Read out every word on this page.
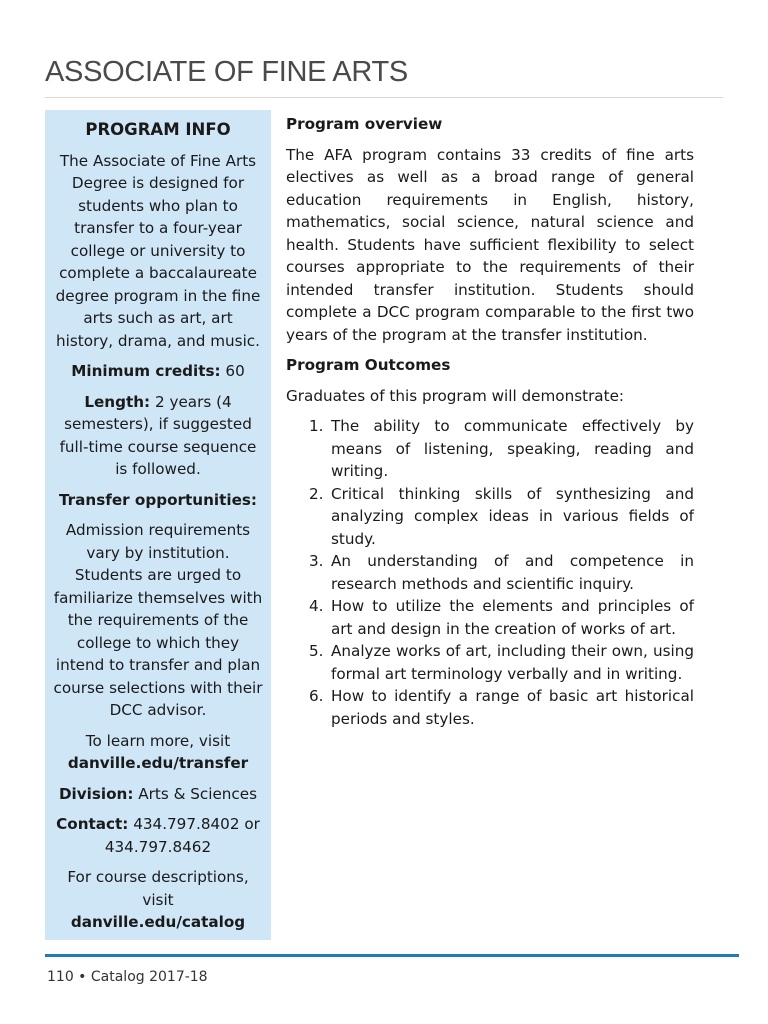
ASSOCIATE OF FINE ARTS
PROGRAM INFO

The Associate of Fine Arts Degree is designed for students who plan to transfer to a four-year college or university to complete a baccalaureate degree program in the fine arts such as art, art history, drama, and music.

Minimum credits: 60

Length: 2 years (4 semesters), if suggested full-time course sequence is followed.

Transfer opportunities:

Admission requirements vary by institution. Students are urged to familiarize themselves with the requirements of the college to which they intend to transfer and plan course selections with their DCC advisor.

To learn more, visit
danville.edu/transfer

Division: Arts & Sciences

Contact: 434.797.8402 or 434.797.8462

For course descriptions, visit danville.edu/catalog

Program overview

The AFA program contains 33 credits of fine arts electives as well as a broad range of general education requirements in English, history, mathematics, social science, natural science and health. Students have sufficient flexibility to select courses appropriate to the requirements of their intended transfer institution. Students should complete a DCC program comparable to the first two years of the program at the transfer institution.

Program Outcomes

Graduates of this program will demonstrate:

1. The ability to communicate effectively by means of listening, speaking, reading and writing.
2. Critical thinking skills of synthesizing and analyzing complex ideas in various fields of study.
3. An understanding of and competence in research methods and scientific inquiry.
4. How to utilize the elements and principles of art and design in the creation of works of art.
5. Analyze works of art, including their own, using formal art terminology verbally and in writing.
6. How to identify a range of basic art historical periods and styles.
110 • Catalog 2017-18
